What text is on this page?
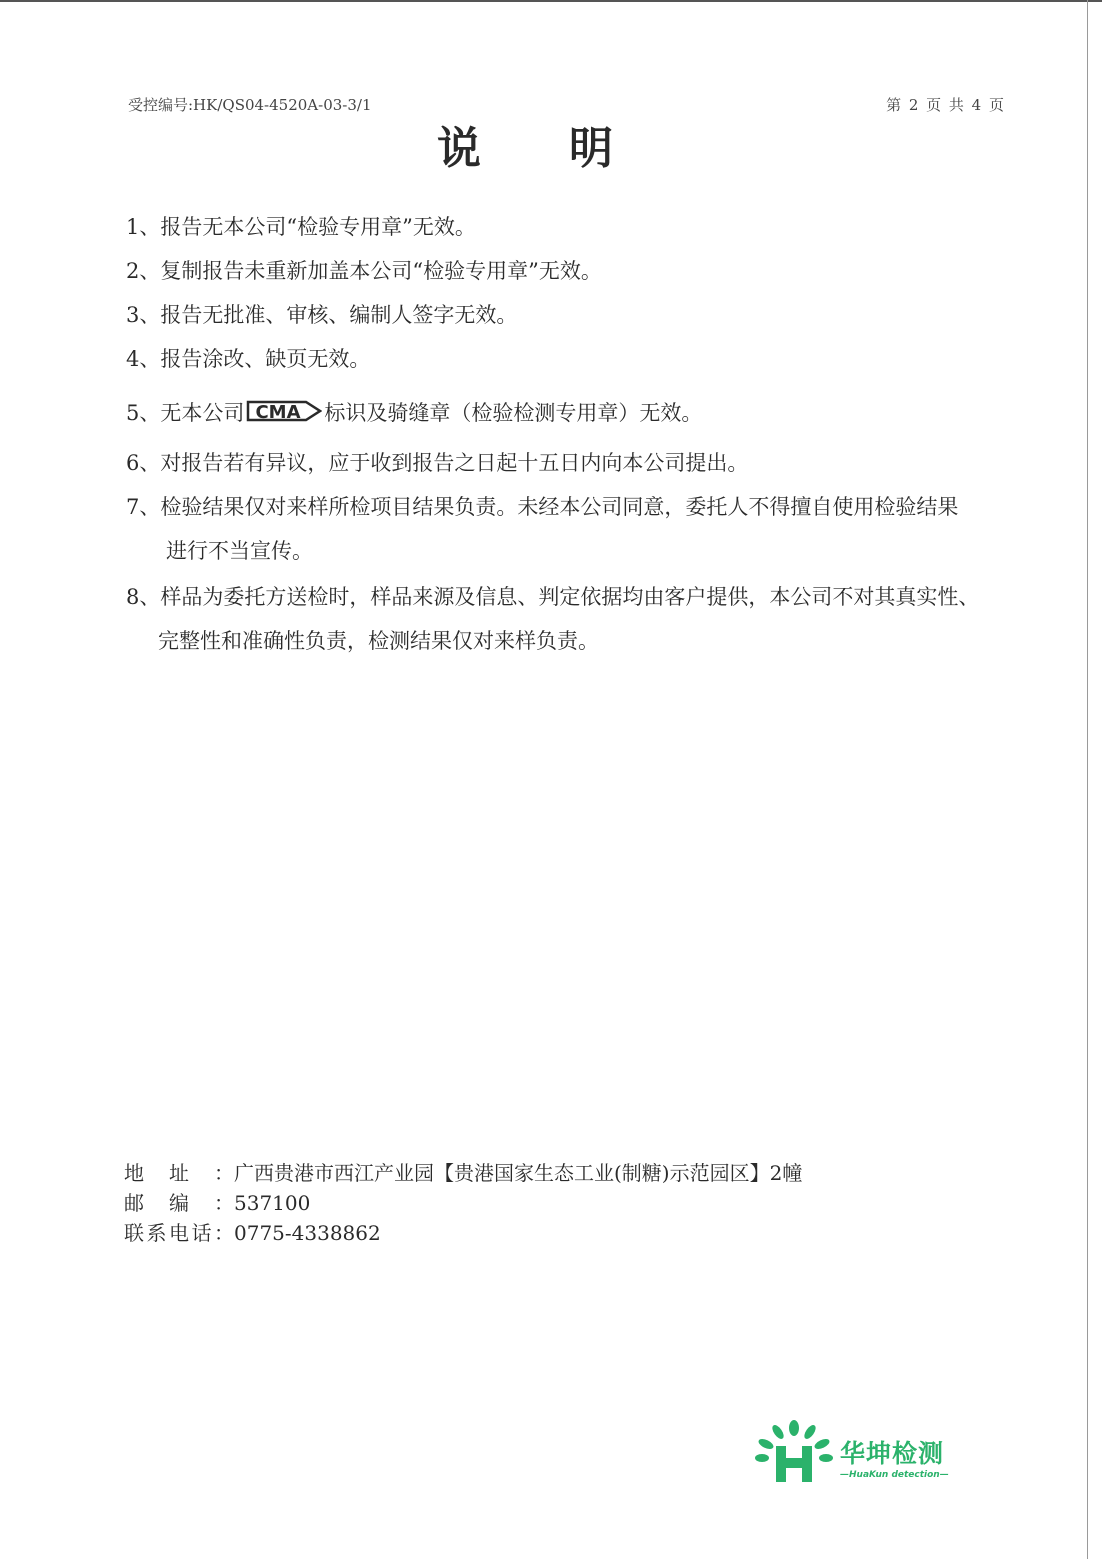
受控编号:HK/QS04-4520A-03-3/1	第 2 页 共 4 页
说明
1、报告无本公司“检验专用章”无效。
2、复制报告未重新加盖本公司“检验专用章”无效。
3、报告无批准、审核、编制人签字无效。
4、报告涂改、缺页无效。
5、无本公司 CMA 标识及骑缝章（检验检测专用章）无效。
6、对报告若有异议，应于收到报告之日起十五日内向本公司提出。
7、检验结果仅对来样所检项目结果负责。未经本公司同意，委托人不得擅自使用检验结果
进行不当宣传。
8、样品为委托方送检时，样品来源及信息、判定依据均由客户提供，本公司不对其真实性、
完整性和准确性负责，检测结果仅对来样负责。
地址：广西贵港市西江产业园【贵港国家生态工业(制糖)示范园区】2幢
邮编：537100
联系电话：0775-4338862
华坤检测
—HuaKun detection—
